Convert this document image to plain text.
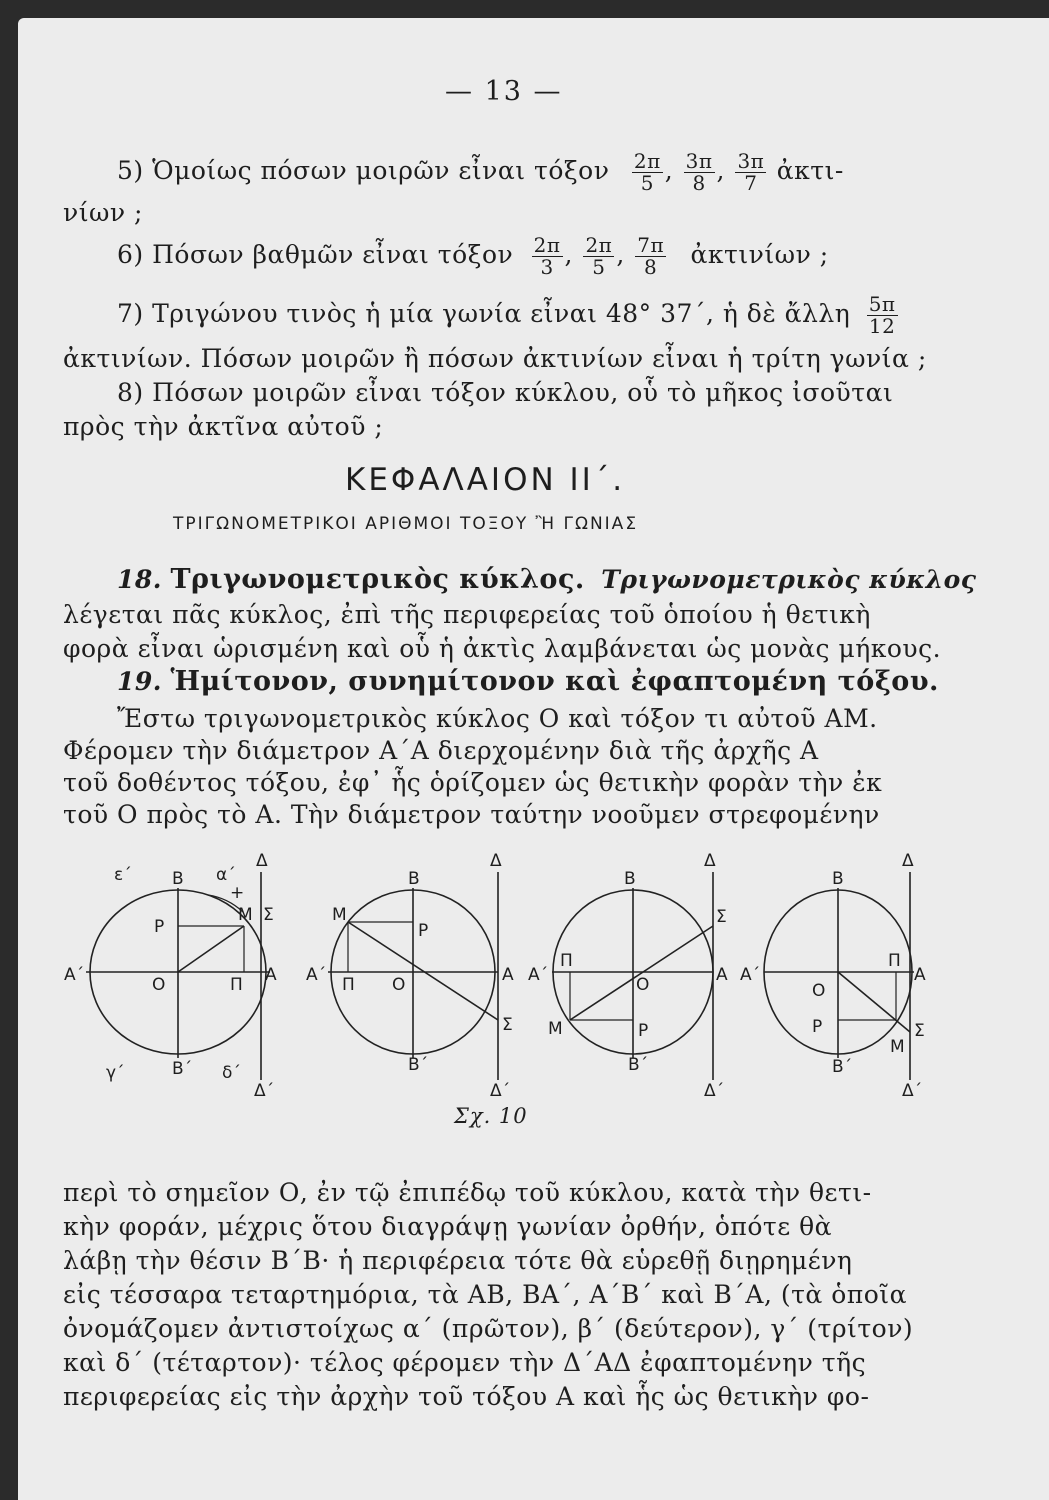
— 13 —
5) Ὁμοίως πόσων μοιρῶν εἶναι τόξον $\frac{2\pi}{5}$ , $\frac{3\pi}{8}$ , $\frac{3\pi}{7}$ ἀκτι-
νίων ;
6) Πόσων βαθμῶν εἶναι τόξον $\frac{2\pi}{3}$ , $\frac{2\pi}{5}$ , $\frac{7\pi}{8}$ ἀκτινίων ;
7) Τριγώνου τινὸς ἡ μία γωνία εἶναι 48° 37΄, ἡ δὲ ἄλλη $\frac{5\pi}{12}$
ἀκτινίων. Πόσων μοιρῶν ἢ πόσων ἀκτινίων εἶναι ἡ τρίτη γωνία ;
8) Πόσων μοιρῶν εἶναι τόξον κύκλου, οὗ τὸ μῆκος ἰσοῦται
πρὸς τὴν ἀκτῖνα αὐτοῦ ;
ΚΕΦΑΛΑΙΟΝ ΙΙ΄.
ΤΡΙΓΩΝΟΜΕΤΡΙΚΟΙ ΑΡΙΘΜΟΙ ΤΟΞΟΥ Ἢ ΓΩΝΙΑΣ
18. Τριγωνομετρικὸς κύκλος. Τριγωνομετρικὸς κύκλος
λέγεται πᾶς κύκλος, ἐπὶ τῆς περιφερείας τοῦ ὁποίου ἡ θετικὴ
φορὰ εἶναι ὡρισμένη καὶ οὗ ἡ ἀκτὶς λαμβάνεται ὡς μονὰς μήκους.
19. Ἡμίτονον, συνημίτονον καὶ ἐφαπτομένη τόξου.
Ἔστω τριγωνομετρικὸς κύκλος Ο καὶ τόξον τι αὐτοῦ ΑΜ.
Φέρομεν τὴν διάμετρον Α΄Α διερχομένην διὰ τῆς ἀρχῆς Α
τοῦ δοθέντος τόξου, ἐφ᾽ ἧς ὁρίζομεν ὡς θετικὴν φορὰν τὴν ἐκ
τοῦ Ο πρὸς τὸ Α. Τὴν διάμετρον ταύτην νοοῦμεν στρεφομένην
ε΄	α΄
+
Δ
Β
Ρ
Μ Σ
Α΄	Ο	Π Α
γ΄	Β΄ δ΄
Δ΄
Δ
Β
Μ
Ρ
Α΄ Π Ο	Α
Σ
Β΄
Δ΄
Δ
Β
Σ
Α΄
Π
Ο	Α
Μ	Ρ
Β΄
Δ΄
Δ
Β
Α΄
Ο
Π
Α
Ρ
Μ
Σ
Β΄
Δ΄
Σχ. 10
περὶ τὸ σημεῖον Ο, ἐν τῷ ἐπιπέδῳ τοῦ κύκλου, κατὰ τὴν θετι-
κὴν φοράν, μέχρις ὅτου διαγράψῃ γωνίαν ὀρθήν, ὁπότε θὰ
λάβῃ τὴν θέσιν Β΄Β· ἡ περιφέρεια τότε θὰ εὑρεθῇ διῃρημένη
εἰς τέσσαρα τεταρτημόρια, τὰ ΑΒ, ΒΑ΄, Α΄Β΄ καὶ Β΄Α, (τὰ ὁποῖα
ὀνομάζομεν ἀντιστοίχως α΄ (πρῶτον), β΄ (δεύτερον), γ΄ (τρίτον)
καὶ δ΄ (τέταρτον)· τέλος φέρομεν τὴν Δ΄ΑΔ ἐφαπτομένην τῆς
περιφερείας εἰς τὴν ἀρχὴν τοῦ τόξου Α καὶ ἧς ὡς θετικὴν φο-
